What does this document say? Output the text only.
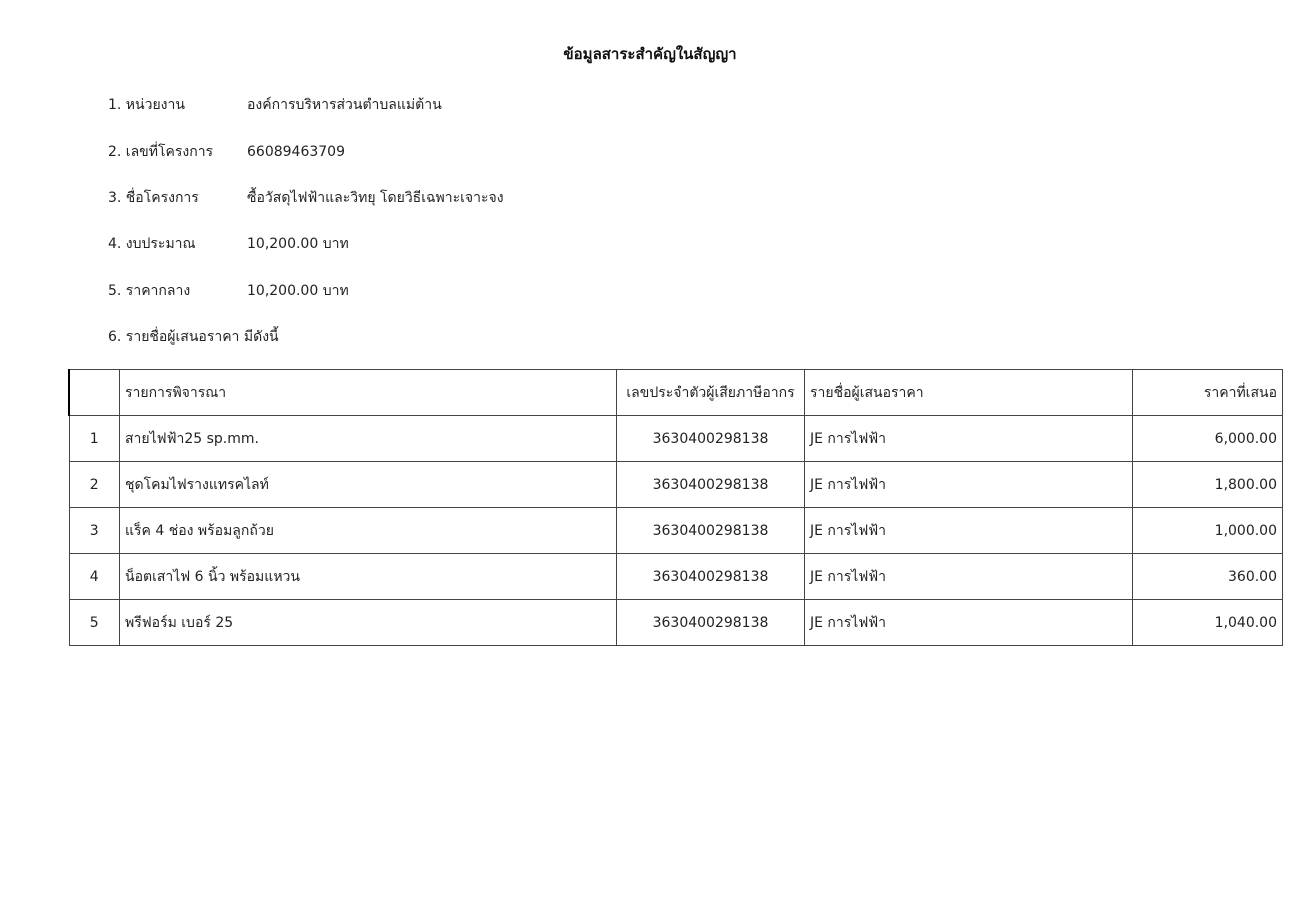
ข้อมูลสาระสำคัญในสัญญา
1. หน่วยงาน	องค์การบริหารส่วนตำบลแม่ต้าน
2. เลขที่โครงการ 66089463709
3. ชื่อโครงการ	ซื้อวัสดุไฟฟ้าและวิทยุ โดยวิธีเฉพาะเจาะจง
4. งบประมาณ	10,200.00 บาท
5. ราคากลาง	10,200.00 บาท
6. รายชื่อผู้เสนอราคา มีดังนี้
	รายการพิจารณา	เลขประจำตัวผู้เสียภาษีอากร	รายชื่อผู้เสนอราคา	ราคาที่เสนอ
1	สายไฟฟ้า25 sp.mm.	3630400298138	JE การไฟฟ้า	6,000.00
2	ชุดโคมไฟรางแทรคไลท์	3630400298138	JE การไฟฟ้า	1,800.00
3	แร็ค 4 ช่อง พร้อมลูกถ้วย	3630400298138	JE การไฟฟ้า	1,000.00
4	น็อตเสาไฟ 6 นิ้ว พร้อมแหวน	3630400298138	JE การไฟฟ้า	360.00
5	พรีฟอร์ม เบอร์ 25	3630400298138	JE การไฟฟ้า	1,040.00
